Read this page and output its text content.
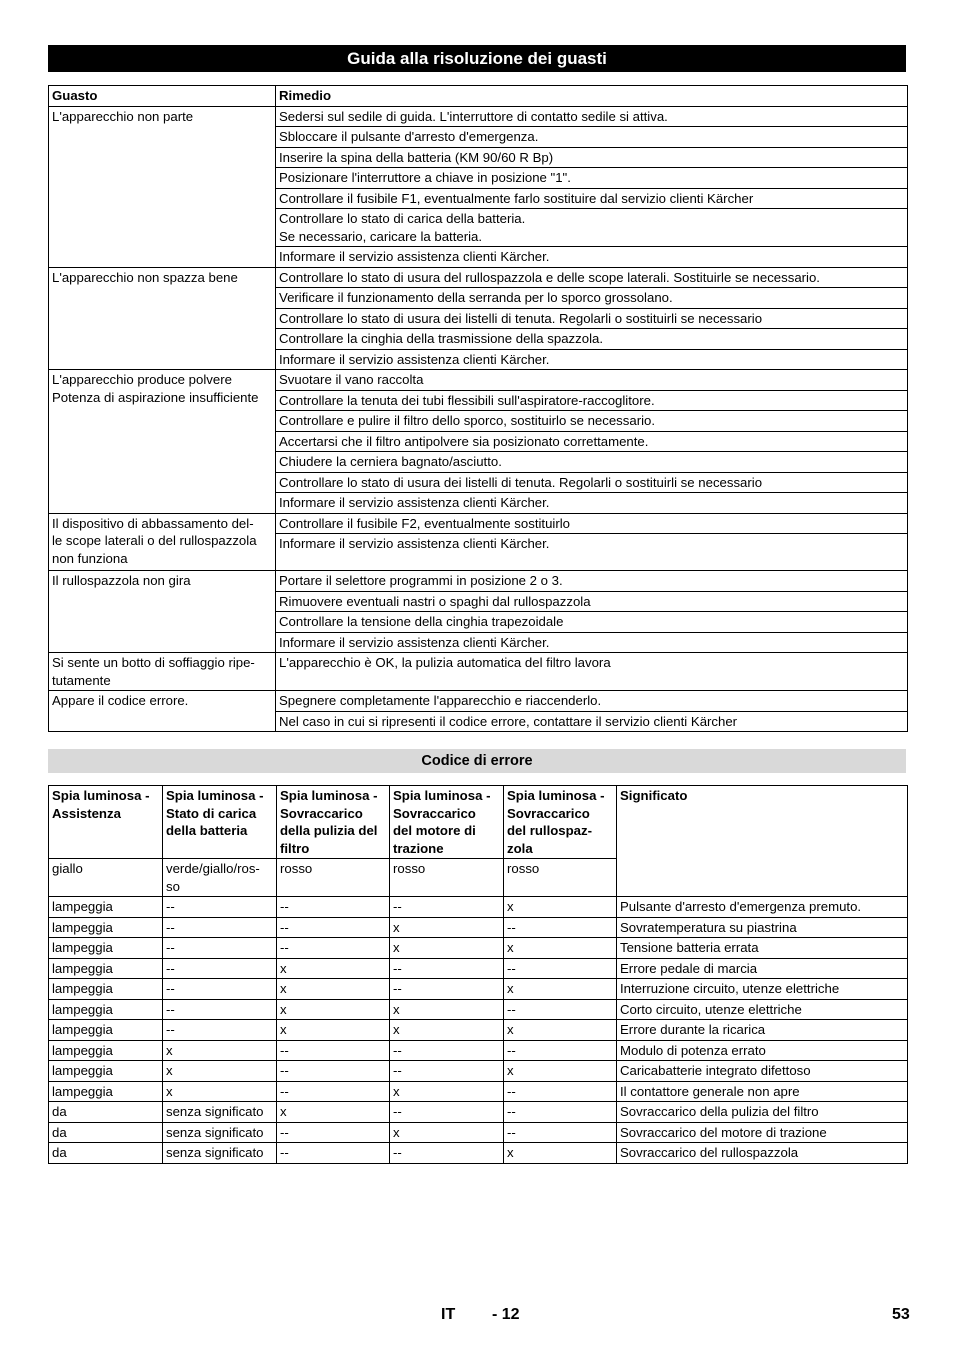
Guida alla risoluzione dei guasti
Guasto	Rimedio

L'apparecchio non parte	Sedersi sul sedile di guida. L'interruttore di contatto sedile si attiva.

	Sbloccare il pulsante d'arresto d'emergenza.

	Inserire la spina della batteria (KM 90/60 R Bp)

	Posizionare l'interruttore a chiave in posizione "1".

	Controllare il fusibile F1, eventualmente farlo sostituire dal servizio clienti Kärcher

	Controllare lo stato di carica della batteria.
Se necessario, caricare la batteria.

	Informare il servizio assistenza clienti Kärcher.

L'apparecchio non spazza bene	Controllare lo stato di usura del rullospazzola e delle scope laterali. Sostituirle se necessario.

	Verificare il funzionamento della serranda per lo sporco grossolano.

	Controllare lo stato di usura dei listelli di tenuta. Regolarli o sostituirli se necessario

	Controllare la cinghia della trasmissione della spazzola.

	Informare il servizio assistenza clienti Kärcher.

L'apparecchio produce polvere
Potenza di aspirazione insufficiente	Svuotare il vano raccolta

	Controllare la tenuta dei tubi flessibili sull'aspiratore-raccoglitore.

	Controllare e pulire il filtro dello sporco, sostituirlo se necessario.

	Accertarsi che il filtro antipolvere sia posizionato correttamente.

	Chiudere la cerniera bagnato/asciutto.

	Controllare lo stato di usura dei listelli di tenuta. Regolarli o sostituirli se necessario

	Informare il servizio assistenza clienti Kärcher.

Il dispositivo di abbassamento del-
le scope laterali o del rullospazzola
non funziona	Controllare il fusibile F2, eventualmente sostituirlo

	Informare il servizio assistenza clienti Kärcher.

Il rullospazzola non gira	Portare il selettore programmi in posizione 2 o 3.

	Rimuovere eventuali nastri o spaghi dal rullospazzola

	Controllare la tensione della cinghia trapezoidale

	Informare il servizio assistenza clienti Kärcher.

Si sente un botto di soffiaggio ripe-
tutamente	L'apparecchio è OK, la pulizia automatica del filtro lavora

Appare il codice errore.	Spegnere completamente l'apparecchio e riaccenderlo.

	Nel caso in cui si ripresenti il codice errore, contattare il servizio clienti Kärcher
Codice di errore
Spia luminosa -
Assistenza	Spia luminosa -
Stato di carica
della batteria	Spia luminosa -
Sovraccarico
della pulizia del
filtro	Spia luminosa -
Sovraccarico
del motore di
trazione	Spia luminosa -
Sovraccarico
del rullospaz-
zola	Significato

giallo	verde/giallo/ros-
so	rosso	rosso	rosso	

lampeggia	--	--	--	x	Pulsante d'arresto d'emergenza premuto.
lampeggia	--	--	x	--	Sovratemperatura su piastrina
lampeggia	--	--	x	x	Tensione batteria errata
lampeggia	--	x	--	--	Errore pedale di marcia
lampeggia	--	x	--	x	Interruzione circuito, utenze elettriche
lampeggia	--	x	x	--	Corto circuito, utenze elettriche
lampeggia	--	x	x	x	Errore durante la ricarica
lampeggia	x	--	--	--	Modulo di potenza errato
lampeggia	x	--	--	x	Caricabatterie integrato difettoso
lampeggia	x	--	x	--	Il contattore generale non apre
da	senza significato	x	--	--	Sovraccarico della pulizia del filtro
da	senza significato	--	x	--	Sovraccarico del motore di trazione
da	senza significato	--	--	x	Sovraccarico del rullospazzola
IT - 12	53
